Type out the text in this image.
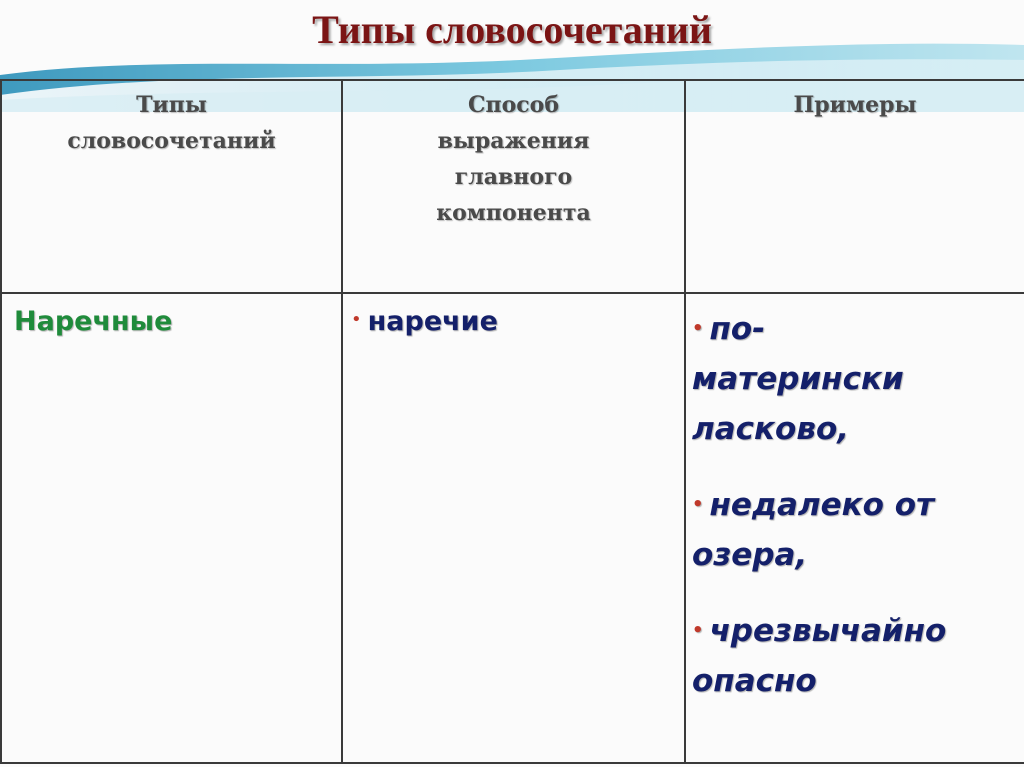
Типы словосочетаний
Типы словосочетаний	Способ выражения главного компонента	Примеры

Наречные	• наречие	• по-матерински ласково,
• недалеко от озера,
• чрезвычайно опасно
